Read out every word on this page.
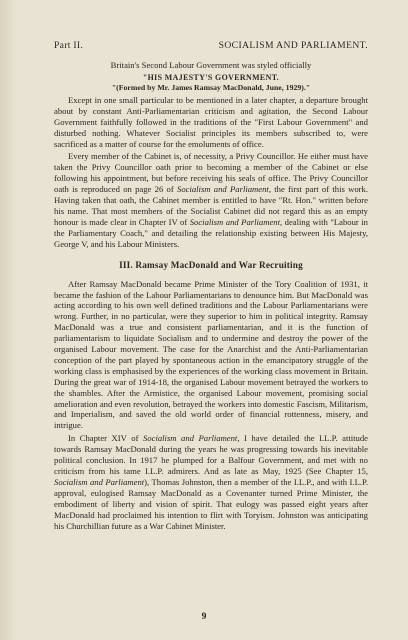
Part II.	SOCIALISM AND PARLIAMENT.

Britain's Second Labour Government was styled officially

"HIS MAJESTY'S GOVERNMENT.
"(Formed by Mr. James Ramsay MacDonald, June, 1929)."

Except in one small particular to be mentioned in a later chapter, a departure brought about by constant Anti-Parliamentarian criticism and agitation, the Second Labour Government faithfully followed in the traditions of the "First Labour Government" and disturbed nothing. Whatever Socialist principles its members subscribed to, were sacrificed as a matter of course for the emoluments of office.

Every member of the Cabinet is, of necessity, a Privy Councillor. He either must have taken the Privy Councillor oath prior to becoming a member of the Cabinet or else following his appointment, but before receiving his seals of office. The Privy Councillor oath is reproduced on page 26 of Socialism and Parliament, the first part of this work. Having taken that oath, the Cabinet member is entitled to have "Rt. Hon." written before his name. That most members of the Socialist Cabinet did not regard this as an empty honour is made clear in Chapter IV of Socialism and Parliament, dealing with "Labour in the Parliamentary Coach," and detailing the relationship existing between His Majesty, George V, and his Labour Ministers.

III. Ramsay MacDonald and War Recruiting

After Ramsay MacDonald became Prime Minister of the Tory Coalition of 1931, it became the fashion of the Labour Parliamentarians to denounce him. But MacDonald was acting according to his own well defined traditions and the Labour Parliamentarians were wrong. Further, in no particular, were they superior to him in political integrity. Ramsay MacDonald was a true and consistent parliamentarian, and it is the function of parliamentarism to liquidate Socialism and to undermine and destroy the power of the organised Labour movement. The case for the Anarchist and the Anti-Parliamentarian conception of the part played by spontaneous action in the emancipatory struggle of the working class is emphasised by the experiences of the working class movement in Britain. During the great war of 1914-18, the organised Labour movement betrayed the workers to the shambles. After the Armistice, the organised Labour movement, promising social amelioration and even revolution, betrayed the workers into domestic Fascism, Militarism, and Imperialism, and saved the old world order of financial rottenness, misery, and intrigue.

In Chapter XIV of Socialism and Parliament, I have detailed the I.L.P. attitude towards Ramsay MacDonald during the years he was progressing towards his inevitable political conclusion. In 1917 he plumped for a Balfour Government, and met with no criticism from his tame I.L.P. admirers. And as late as May, 1925 (See Chapter 15, Socialism and Parliament), Thomas Johnston, then a member of the I.L.P., and with I.L.P. approval, eulogised Ramsay MacDonald as a Covenanter turned Prime Minister, the embodiment of liberty and vision of spirit. That eulogy was passed eight years after MacDonald had proclaimed his intention to flirt with Toryism. Johnston was anticipating his Churchillian future as a War Cabinet Minister.

9
